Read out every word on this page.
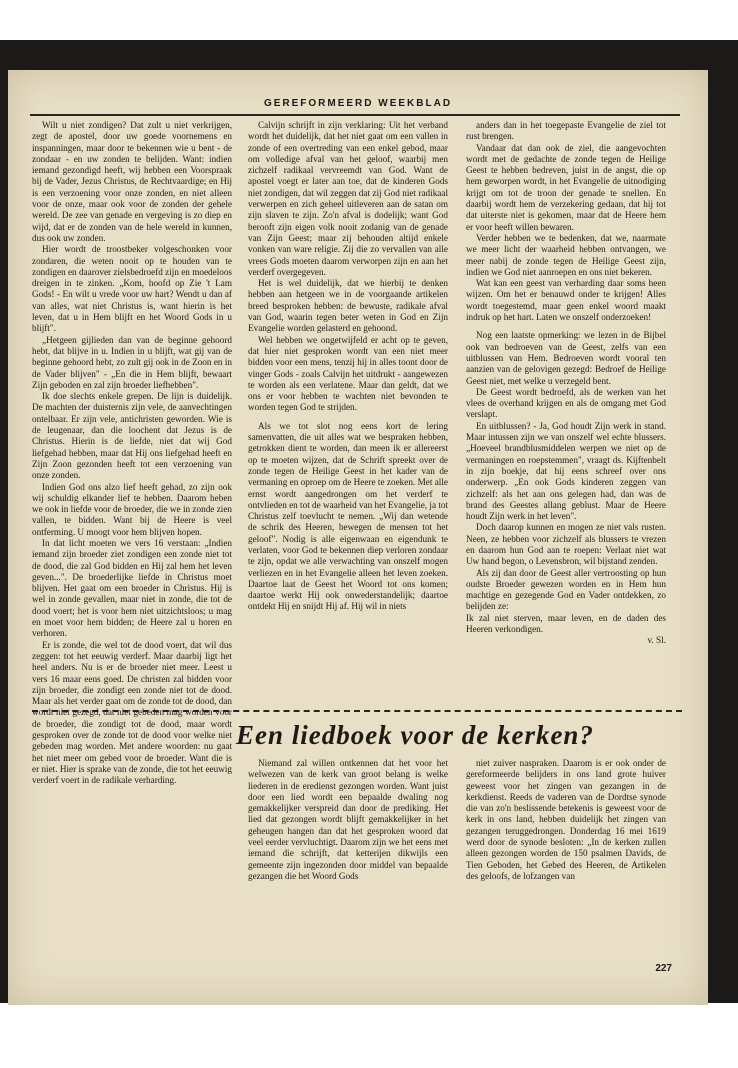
GEREFORMEERD WEEKBLAD

Wilt u niet zondigen? Dat zult u niet verkrijgen, zegt de apostel, door uw goede voornemens en inspanningen, maar door te bekennen wie u bent - de zondaar - en uw zonden te belijden. Want: indien iemand gezondigd heeft, wij hebben een Voorspraak bij de Vader, Jezus Christus, de Rechtvaardige; en Hij is een verzoening voor onze zonden, en niet alleen voor de onze, maar ook voor de zonden der gehele wereld. De zee van genade en vergeving is zo diep en wijd, dat er de zonden van de hele wereld in kunnen, dus ook uw zonden.

Hier wordt de troostbeker volgeschonken voor zondaren, die weten nooit op te houden van te zondigen en daarover zielsbedroefd zijn en moedeloos dreigen in te zinken. „Kom, hoofd op Zie 't Lam Gods! - En wilt u vrede voor uw hart? Wendt u dan af van alles, wat niet Christus is, want hierin is het leven, dat u in Hem blijft en het Woord Gods in u blijft".

„Hetgeen gijlieden dan van de beginne gehoord hebt, dat blijve in u. Indien in u blijft, wat gij van de beginne gehoord hebt, zo zult gij ook in de Zoon en in de Vader blijven" - „En die in Hem blijft, bewaart Zijn geboden en zal zijn broeder liefhebben".

Ik doe slechts enkele grepen. De lijn is duidelijk. De machten der duisternis zijn vele, de aanvechtingen ontelbaar. Er zijn vele, antichristen geworden. Wie is de leugenaar, dan die loochent dat Jezus is de Christus. Hierin is de liefde, niet dat wij God liefgehad hebben, maar dat Hij ons liefgehad heeft en Zijn Zoon gezonden heeft tot een verzoening van onze zonden.

Indien God ons alzo lief heeft gehad, zo zijn ook wij schuldig elkander lief te hebben. Daarom heben we ook in liefde voor de broeder, die we in zonde zien vallen, te bidden. Want bij de Heere is veel ontferming. U moogt voor hem blijven hopen.

In dat licht moeten we vers 16 verstaan: „Indien iemand zijn broeder ziet zondigen een zonde niet tot de dood, die zal God bidden en Hij zal hem het leven geven...". De broederlijke liefde in Christus moet blijven. Het gaat om een broeder in Christus. Hij is wel in zonde gevallen, maar niet in zonde, die tot de dood voert; het is voor hem niet uitzichtsloos; u mag en moet voor hem bidden; de Heere zal u horen en verhoren.

Er is zonde, die wel tot de dood voert, dat wil dus zeggen: tot het eeuwig verderf. Maar daarbij ligt het heel anders. Nu is er de broeder niet meer. Leest u vers 16 maar eens goed. De christen zal bidden voor zijn broeder, die zondigt een zonde niet tot de dood. Maar als het verder gaat om de zonde tot de dood, dan wordt niet gezegd, dat niet gebeden mag worden voor de broeder, die zondigt tot de dood, maar wordt gesproken over de zonde tot de dood voor welke niet gebeden mag worden. Met andere woorden: nu gaat het niet meer om gebed voor de broeder. Want die is er niet. Hier is sprake van de zonde, die tot het eeuwig verderf voert in de radikale verharding.

Calvijn schrijft in zijn verklaring: Uit het verband wordt het duidelijk, dat het niet gaat om een vallen in zonde of een overtreding van een enkel gebod, maar om volledige afval van het geloof, waarbij men zichzelf radikaal vervreemdt van God. Want de apostel voegt er later aan toe, dat de kinderen Gods niet zondigen, dat wil zeggen dat zij God niet radikaal verwerpen en zich geheel uitleveren aan de satan om zijn slaven te zijn. Zo'n afval is dodelijk; want God berooft zijn eigen volk nooit zodanig van de genade van Zijn Geest; maar zij behouden altijd enkele vonken van ware religie. Zij die zo vervallen van alle vrees Gods moeten daarom verworpen zijn en aan het verderf overgegeven.

Het is wel duidelijk, dat we hierbij te denken hebben aan hetgeen we in de voorgaande artikelen breed besproken hebben: de bewuste, radikale afval van God, waarin tegen beter weten in God en Zijn Evangelie worden gelasterd en gehoond.

Wel hebben we ongetwijfeld er acht op te geven, dat hier niet gesproken wordt van een niet meer bidden voor een mens, tenzij hij in alles toont door de vinger Gods - zoals Calvijn het uitdrukt - aangewezen te worden als een verlatene. Maar dan geldt, dat we ons er voor hebben te wachten niet bevonden te worden tegen God te strijden.

Als we tot slot nog eens kort de lering samenvatten, die uit alles wat we bespraken hebben, getrokken dient te worden, dan meen ik er allereerst op te moeten wijzen, dat de Schrift spreekt over de zonde tegen de Heilige Geest in het kader van de vermaning en oproep om de Heere te zoeken. Met alle ernst wordt aangedrongen om het verderf te ontvlieden en tot de waarheid van het Evangelie, ja tot Christus zelf toevlucht te nemen. „Wij dan wetende de schrik des Heeren, bewegen de mensen tot het geloof". Nodig is alle eigenwaan en eigendunk te verlaten, voor God te bekennen diep verloren zondaar te zijn, opdat we alle verwachting van onszelf mogen verliezen en in het Evangelie alleen het leven zoeken. Daartoe laat de Geest het Woord tot ons komen; daartoe werkt Hij ook onwederstandelijk; daartoe ontdekt Hij en snijdt Hij af. Hij wil in niets

anders dan in het toegepaste Evangelie de ziel tot rust brengen.

Vandaar dat dan ook de ziel, die aangevochten wordt met de gedachte de zonde tegen de Heilige Geest te hebben bedreven, juist in de angst, die op hem geworpen wordt, in het Evangelie de uitnodiging krijgt om tot de troon der genade te snellen. En daarbij wordt hem de verzekering gedaan, dat hij tot dat uiterste niet is gekomen, maar dat de Heere hem er voor heeft willen bewaren.

Verder hebben we te bedenken, dat we, naarmate we meer licht der waarheid hebben ontvangen, we meer nabij de zonde tegen de Heilige Geest zijn, indien we God niet aanroepen en ons niet bekeren.

Wat kan een geest van verharding daar soms heen wijzen. Om het er benauwd onder te krijgen! Alles wordt toegestemd, maar geen enkel woord maakt indruk op het hart. Laten we onszelf onderzoeken!

Nog een laatste opmerking: we lezen in de Bijbel ook van bedroeven van de Geest, zelfs van een uitblussen van Hem. Bedroeven wordt vooral ten aanzien van de gelovigen gezegd: Bedroef de Heilige Geest niet, met welke u verzegeld bent.

De Geest wordt bedroefd, als de werken van het vlees de overhand krijgen en als de omgang met God verslapt.

En uitblussen? - Ja, God houdt Zijn werk in stand. Maar intussen zijn we van onszelf wel echte blussers. „Hoeveel brandblusmiddelen werpen we niet op de vermaningen en roepstemmen", vraagt ds. Kijftenbelt in zijn boekje, dat hij eens schreef over ons onderwerp. „En ook Gods kinderen zeggen van zichzelf: als het aan ons gelegen had, dan was de brand des Geestes allang geblust. Maar de Heere houdt Zijn werk in het leven".

Doch daarop kunnen en mogen ze niet vals rusten. Neen, ze hebben voor zichzelf als blussers te vrezen en daarom hun God aan te roepen: Verlaat niet wat Uw hand begon, o Levensbron, wil bijstand zenden.

Als zij dan door de Geest aller vertroosting op hun oudste Broeder gewezen worden en in Hem hun machtige en gezegende God en Vader ontdekken, zo belijden ze:

Ik zal niet sterven, maar leven, en de daden des Heeren verkondigen.

v. Sl.

Een liedboek voor de kerken?

Niemand zal willen ontkennen dat het voor het welwezen van de kerk van groot belang is welke liederen in de eredienst gezongen worden. Want juist door een lied wordt een bepaalde dwaling nog gemakkelijker verspreid dan door de prediking. Het lied dat gezongen wordt blijft gemakkelijker in het geheugen hangen dan dat het gesproken woord dat veel eerder vervluchtigt. Daarom zijn we het eens met iemand die schrijft, dat ketterijen dikwijls een gemeente zijn ingezonden door middel van bepaalde gezangen die het Woord Gods

niet zuiver naspraken. Daarom is er ook onder de gereformeerde belijders in ons land grote huiver geweest voor het zingen van gezangen in de kerkdienst. Reeds de vaderen van de Dordtse synode die van zo'n beslissende betekenis is geweest voor de kerk in ons land, hebben duidelijk het zingen van gezangen teruggedrongen. Donderdag 16 mei 1619 werd door de synode besloten: „In de kerken zullen alleen gezongen worden de 150 psalmen Davids, de Tien Geboden, het Gebed des Heeren, de Artikelen des geloofs, de lofzangen van

227
